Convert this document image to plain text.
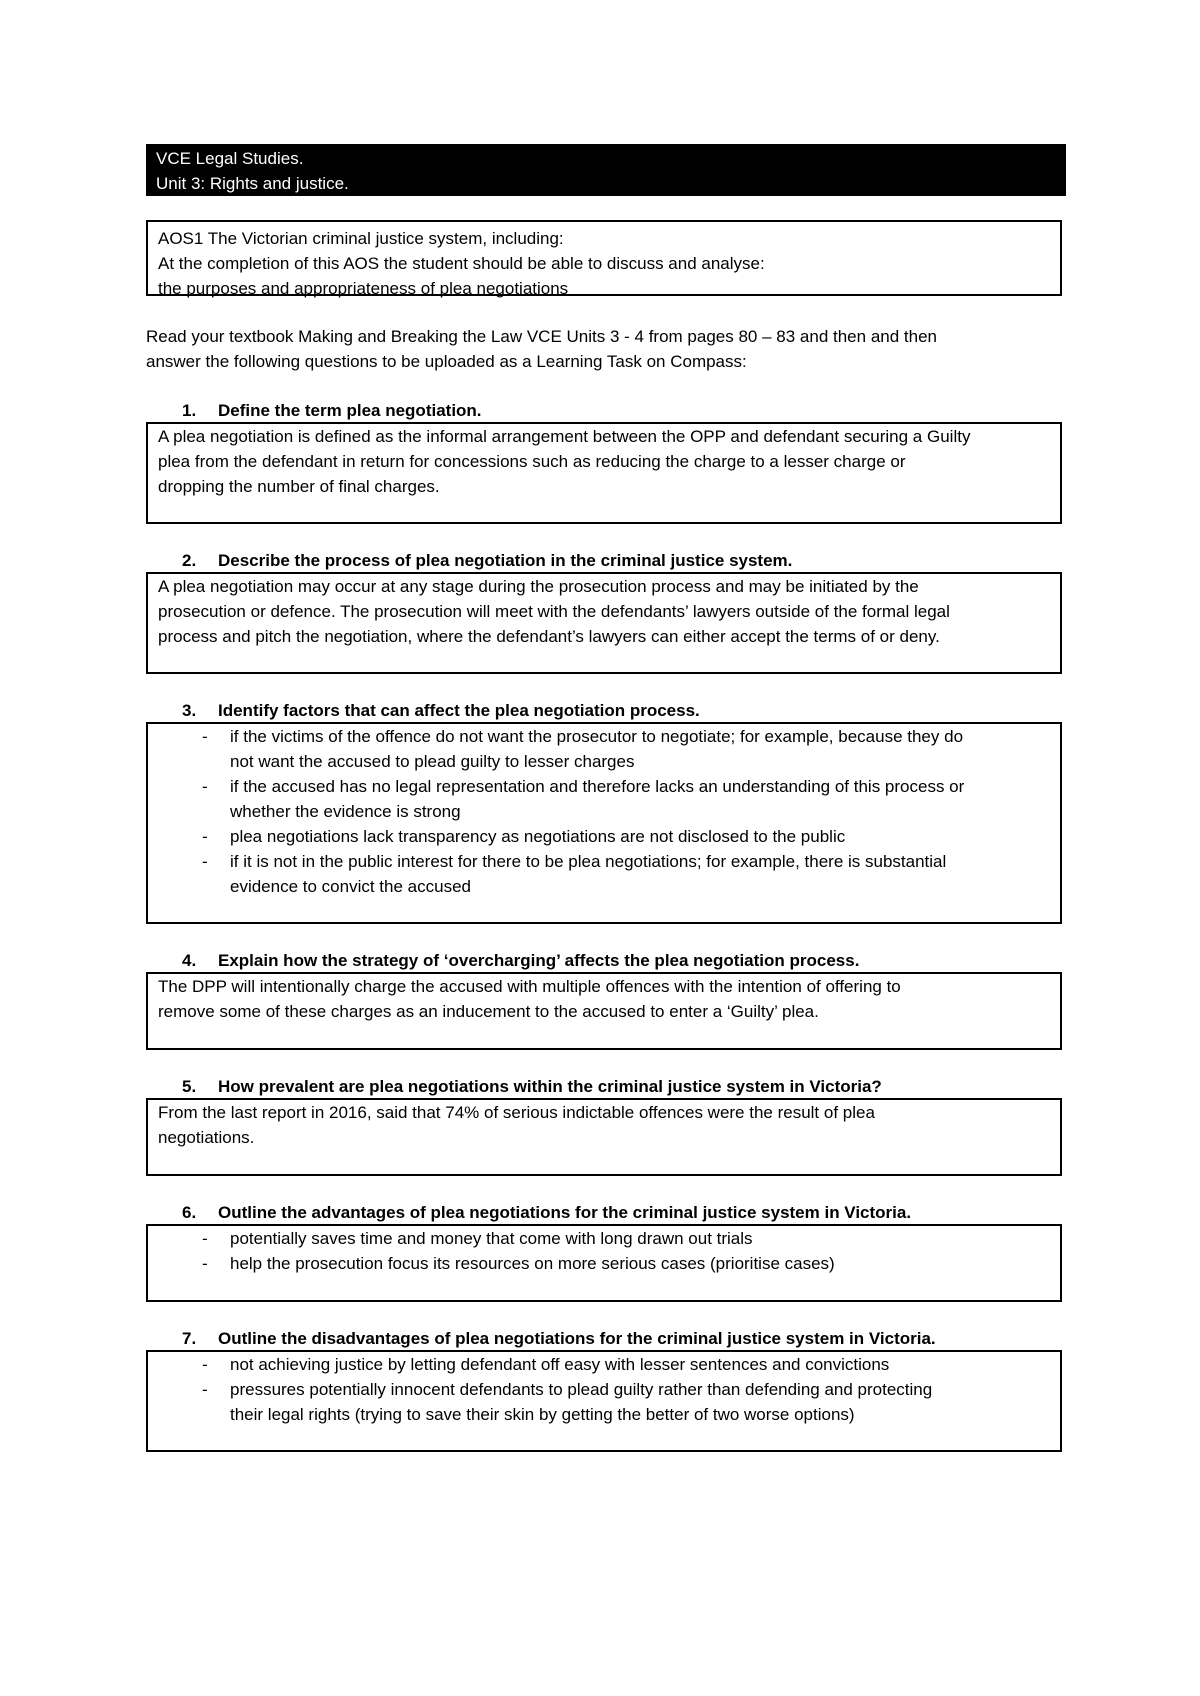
VCE Legal Studies.
Unit 3: Rights and justice.
AOS1 The Victorian criminal justice system, including:
At the completion of this AOS the student should be able to discuss and analyse:
the purposes and appropriateness of plea negotiations
Read your textbook Making and Breaking the Law VCE Units 3 - 4 from pages 80 – 83 and then and then
answer the following questions to be uploaded as a Learning Task on Compass:
1. Define the term plea negotiation.

A plea negotiation is defined as the informal arrangement between the OPP and defendant securing a Guilty

plea from the defendant in return for concessions such as reducing the charge to a lesser charge or

dropping the number of final charges.

2. Describe the process of plea negotiation in the criminal justice system.

A plea negotiation may occur at any stage during the prosecution process and may be initiated by the

prosecution or defence. The prosecution will meet with the defendants’ lawyers outside of the formal legal

process and pitch the negotiation, where the defendant’s lawyers can either accept the terms of or deny.

3. Identify factors that can affect the plea negotiation process.
- if the victims of the offence do not want the prosecutor to negotiate; for example, because they do
not want the accused to plead guilty to lesser charges
- if the accused has no legal representation and therefore lacks an understanding of this process or
whether the evidence is strong
- plea negotiations lack transparency as negotiations are not disclosed to the public
- if it is not in the public interest for there to be plea negotiations; for example, there is substantial
evidence to convict the accused
4. Explain how the strategy of ‘overcharging’ affects the plea negotiation process.

The DPP will intentionally charge the accused with multiple offences with the intention of offering to

remove some of these charges as an inducement to the accused to enter a ‘Guilty’ plea.

5. How prevalent are plea negotiations within the criminal justice system in Victoria?

From the last report in 2016, said that 74% of serious indictable offences were the result of plea

negotiations.

6. Outline the advantages of plea negotiations for the criminal justice system in Victoria.
- potentially saves time and money that come with long drawn out trials
- help the prosecution focus its resources on more serious cases (prioritise cases)
7. Outline the disadvantages of plea negotiations for the criminal justice system in Victoria.
- not achieving justice by letting defendant off easy with lesser sentences and convictions
- pressures potentially innocent defendants to plead guilty rather than defending and protecting
their legal rights (trying to save their skin by getting the better of two worse options)
